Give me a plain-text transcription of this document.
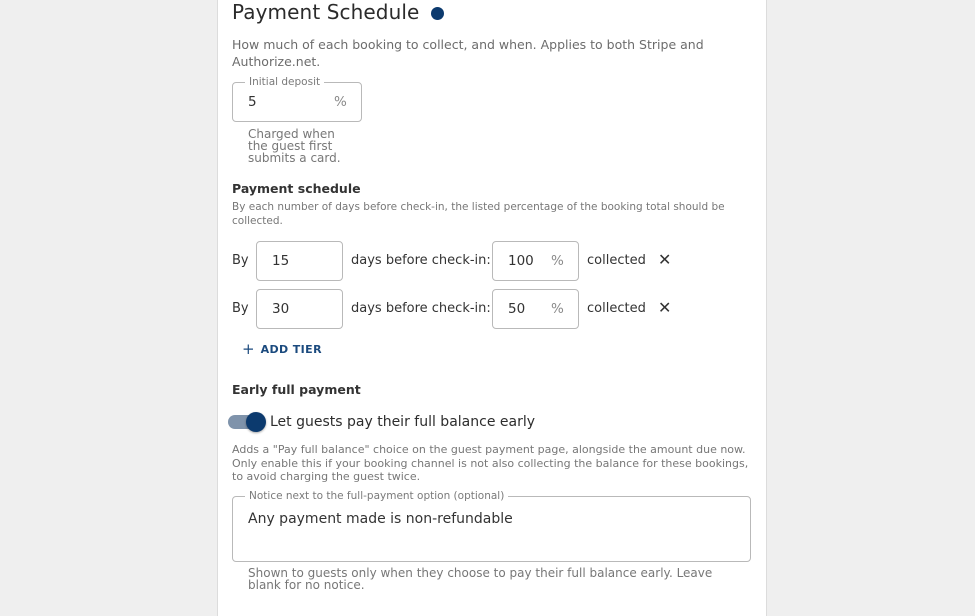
Payment Schedule
How much of each booking to collect, and when. Applies to both Stripe and Authorize.net.
Initial deposit
5	%
Charged when the guest first submits a card.
Payment schedule
By each number of days before check-in, the listed percentage of the booking total should be collected.
By 15	days before check-in: 100 % collected ✕
By 30	days before check-in: 50 % collected ✕
+ ADD TIER
Early full payment
Let guests pay their full balance early
Adds a "Pay full balance" choice on the guest payment page, alongside the amount due now. Only enable this if your booking channel is not also collecting the balance for these bookings, to avoid charging the guest twice.
Notice next to the full-payment option (optional)
Any payment made is non-refundable
Shown to guests only when they choose to pay their full balance early. Leave blank for no notice.
